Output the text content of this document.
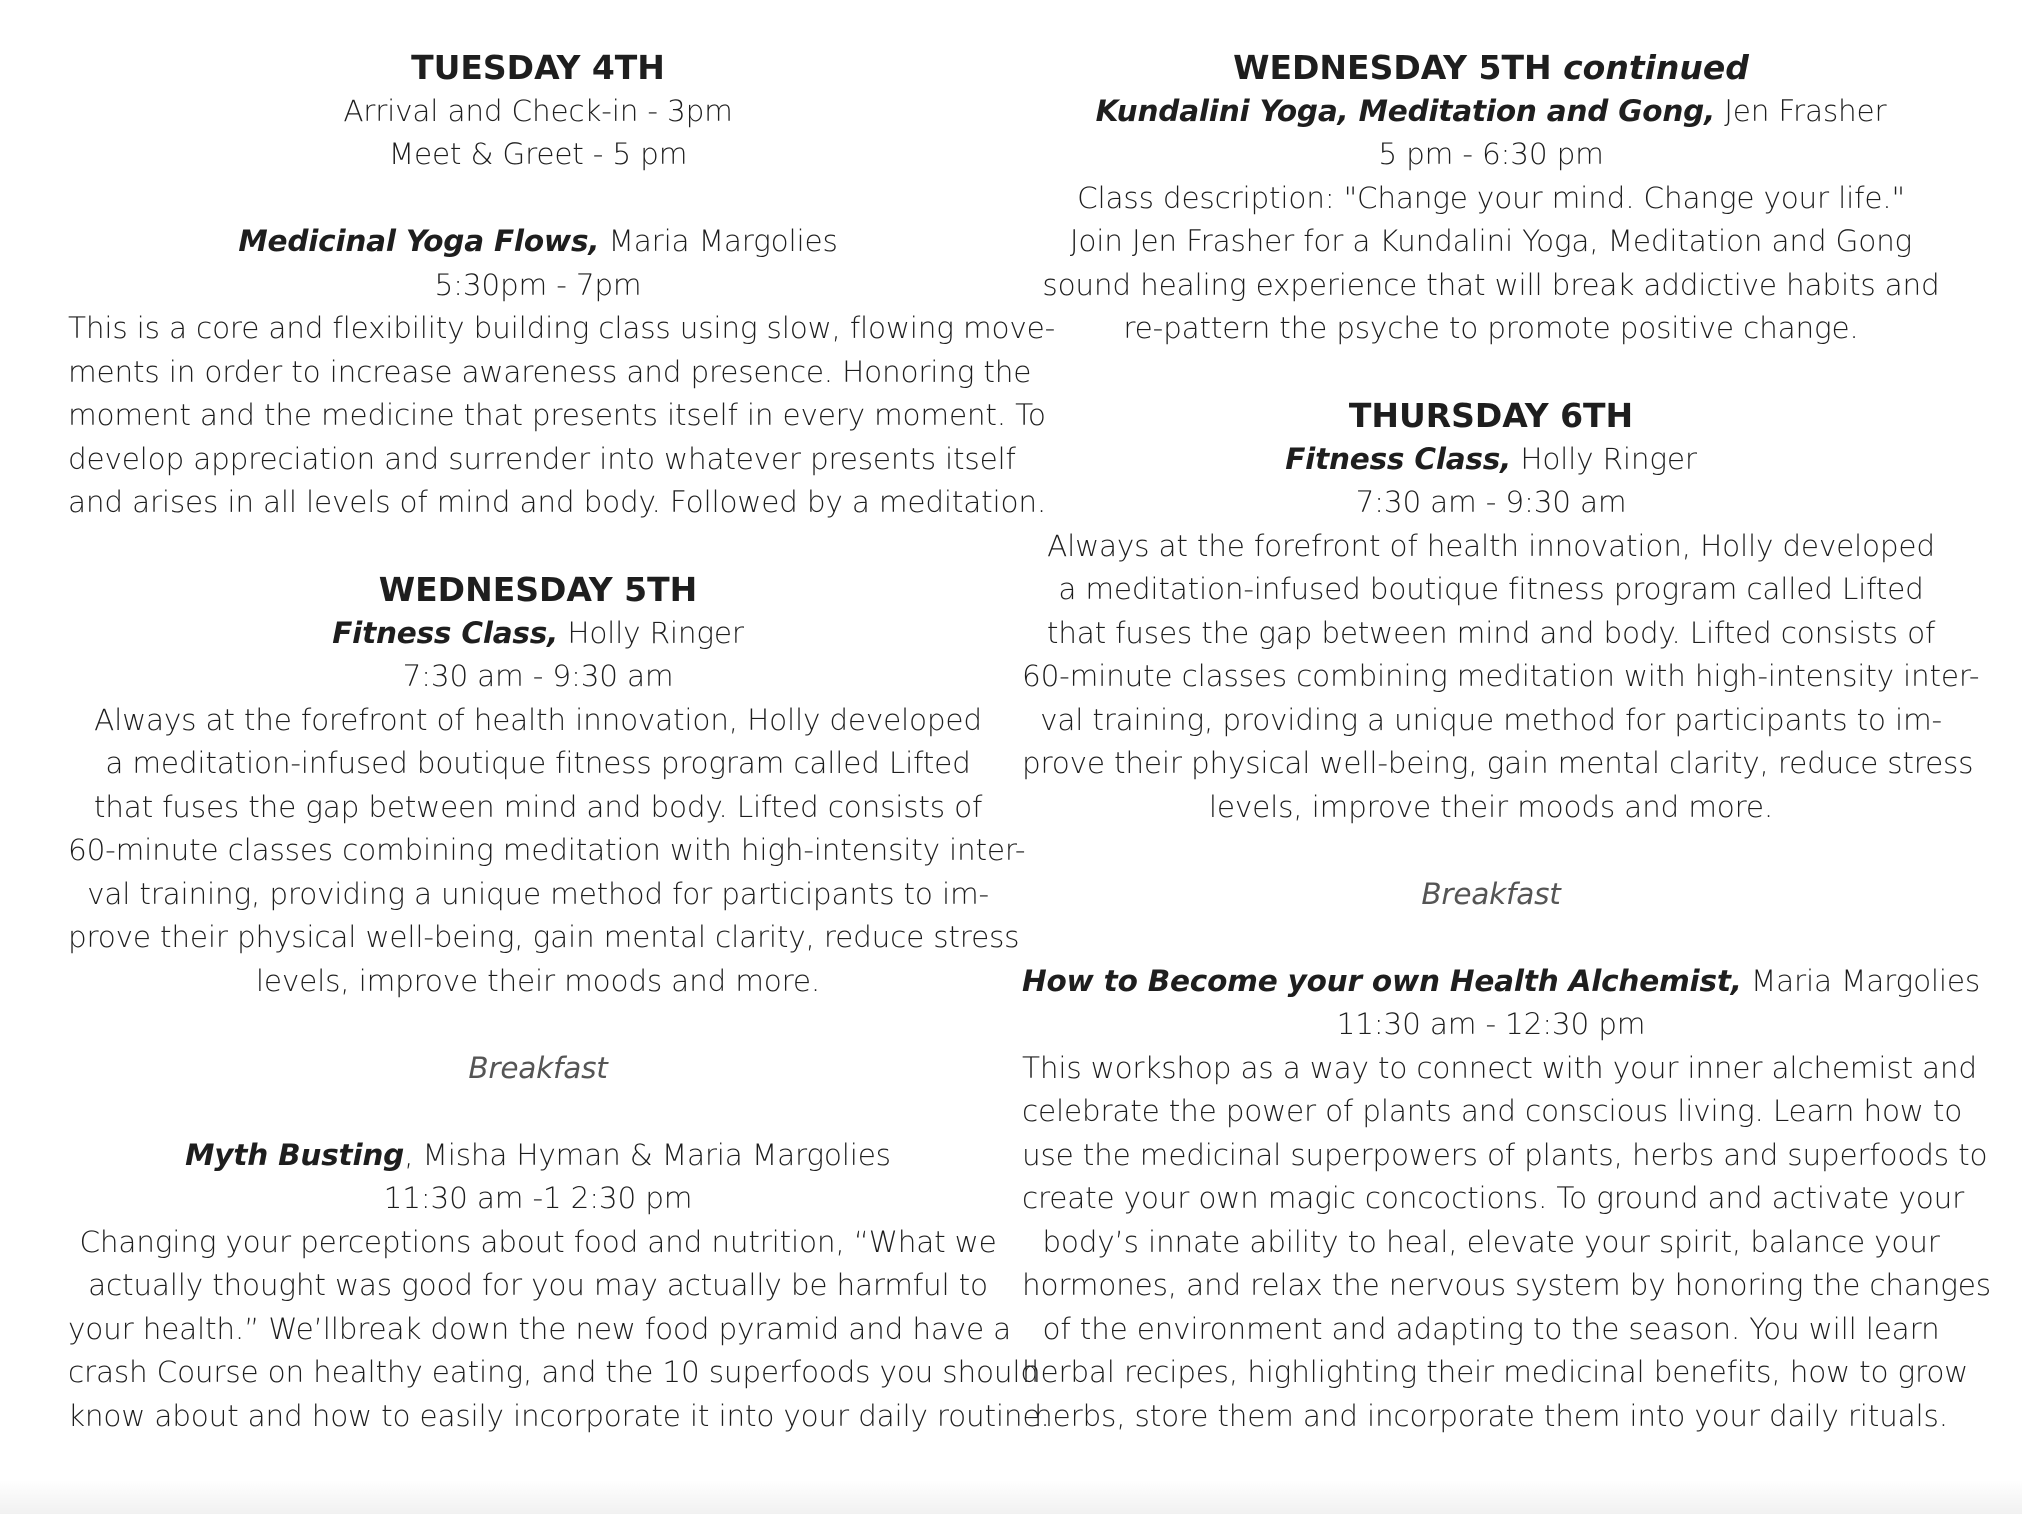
TUESDAY 4TH
Arrival and Check-in - 3pm
Meet & Greet - 5 pm
Medicinal Yoga Flows, Maria Margolies
5:30pm - 7pm
This is a core and flexibility building class using slow, flowing move-
ments in order to increase awareness and presence. Honoring the
moment and the medicine that presents itself in every moment. To
develop appreciation and surrender into whatever presents itself
and arises in all levels of mind and body. Followed by a meditation.
WEDNESDAY 5TH
Fitness Class, Holly Ringer
7:30 am - 9:30 am
Always at the forefront of health innovation, Holly developed
a meditation-infused boutique fitness program called Lifted
that fuses the gap between mind and body. Lifted consists of
60-minute classes combining meditation with high-intensity inter-
val training, providing a unique method for participants to im-
prove their physical well-being, gain mental clarity, reduce stress
levels, improve their moods and more.
Breakfast
Myth Busting, Misha Hyman & Maria Margolies
11:30 am -1 2:30 pm
Changing your perceptions about food and nutrition, “What we
actually thought was good for you may actually be harmful to
your health.” We’llbreak down the new food pyramid and have a
crash Course on healthy eating, and the 10 superfoods you should
know about and how to easily incorporate it into your daily routine.
WEDNESDAY 5TH continued
Kundalini Yoga, Meditation and Gong, Jen Frasher
5 pm - 6:30 pm
Class description: "Change your mind. Change your life."
Join Jen Frasher for a Kundalini Yoga, Meditation and Gong
sound healing experience that will break addictive habits and
re-pattern the psyche to promote positive change.
THURSDAY 6TH
Fitness Class, Holly Ringer
7:30 am - 9:30 am
Always at the forefront of health innovation, Holly developed
a meditation-infused boutique fitness program called Lifted
that fuses the gap between mind and body. Lifted consists of
60-minute classes combining meditation with high-intensity inter-
val training, providing a unique method for participants to im-
prove their physical well-being, gain mental clarity, reduce stress
levels, improve their moods and more.
Breakfast
How to Become your own Health Alchemist, Maria Margolies
11:30 am - 12:30 pm
This workshop as a way to connect with your inner alchemist and
celebrate the power of plants and conscious living. Learn how to
use the medicinal superpowers of plants, herbs and superfoods to
create your own magic concoctions. To ground and activate your
body’s innate ability to heal, elevate your spirit, balance your
hormones, and relax the nervous system by honoring the changes
of the environment and adapting to the season. You will learn
herbal recipes, highlighting their medicinal benefits, how to grow
herbs, store them and incorporate them into your daily rituals.
